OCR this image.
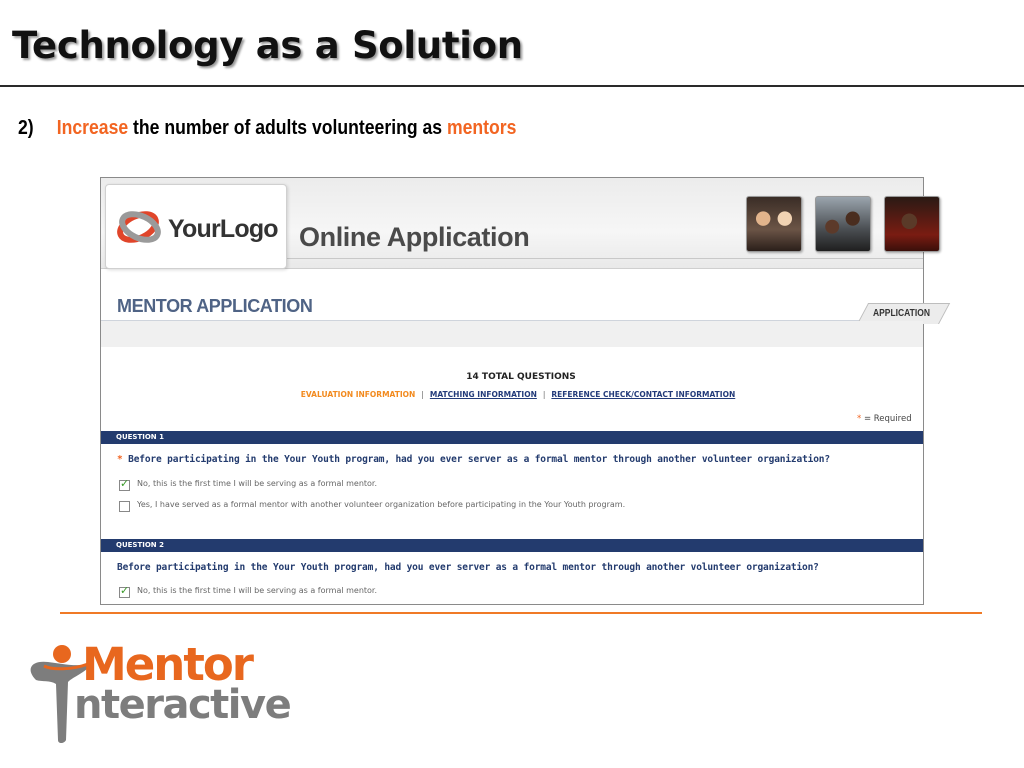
Technology as a Solution
2) Increase the number of adults volunteering as mentors
YourLogo Online Application
MENTOR APPLICATION	APPLICATION
14 TOTAL QUESTIONS
EVALUATION INFORMATION | MATCHING INFORMATION | REFERENCE CHECK/CONTACT INFORMATION
* = Required
QUESTION 1
* Before participating in the Your Youth program, had you ever server as a formal mentor through another volunteer organization?
✓ No, this is the first time I will be serving as a formal mentor.
Yes, I have served as a formal mentor with another volunteer organization before participating in the Your Youth program.
QUESTION 2
Before participating in the Your Youth program, had you ever server as a formal mentor through another volunteer organization?
✓ No, this is the first time I will be serving as a formal mentor.
Mentor
nteractive
